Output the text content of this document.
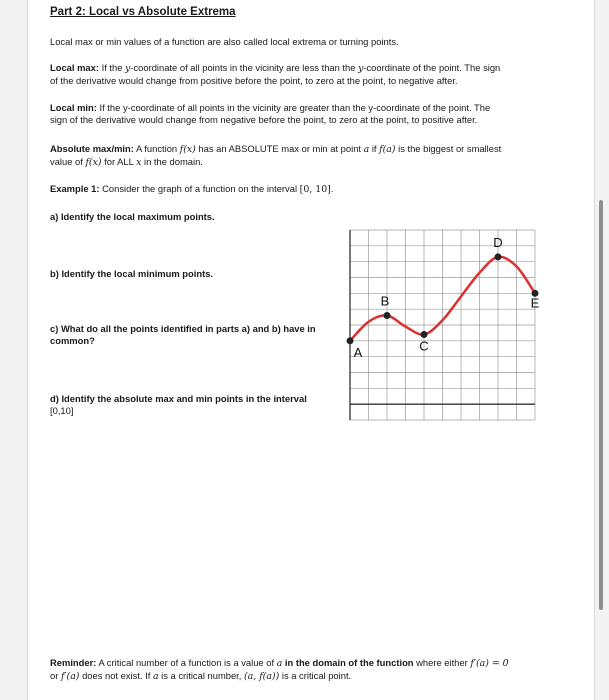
Part 2: Local vs Absolute Extrema
Local max or min values of a function are also called local extrema or turning points.
Local max: If the y-coordinate of all points in the vicinity are less than the y-coordinate of the point. The sign
of the derivative would change from positive before the point, to zero at the point, to negative after.
Local min: If the y-coordinate of all points in the vicinity are greater than the y-coordinate of the point. The
sign of the derivative would change from negative before the point, to zero at the point, to positive after.
Absolute max/min: A function f(x) has an ABSOLUTE max or min at point a if f(a) is the biggest or smallest
value of f(x) for ALL x in the domain.
Example 1: Consider the graph of a function on the interval [0, 10].
a) Identify the local maximum points.
b) Identify the local minimum points.
c) What do all the points identified in parts a) and b) have in
common?
d) Identify the absolute max and min points in the interval
[0,10]
A
B
C
D
E
Reminder: A critical number of a function is a value of a in the domain of the function where either f′(a) = 0
or f′(a) does not exist. If a is a critical number, (a, f(a)) is a critical point.
